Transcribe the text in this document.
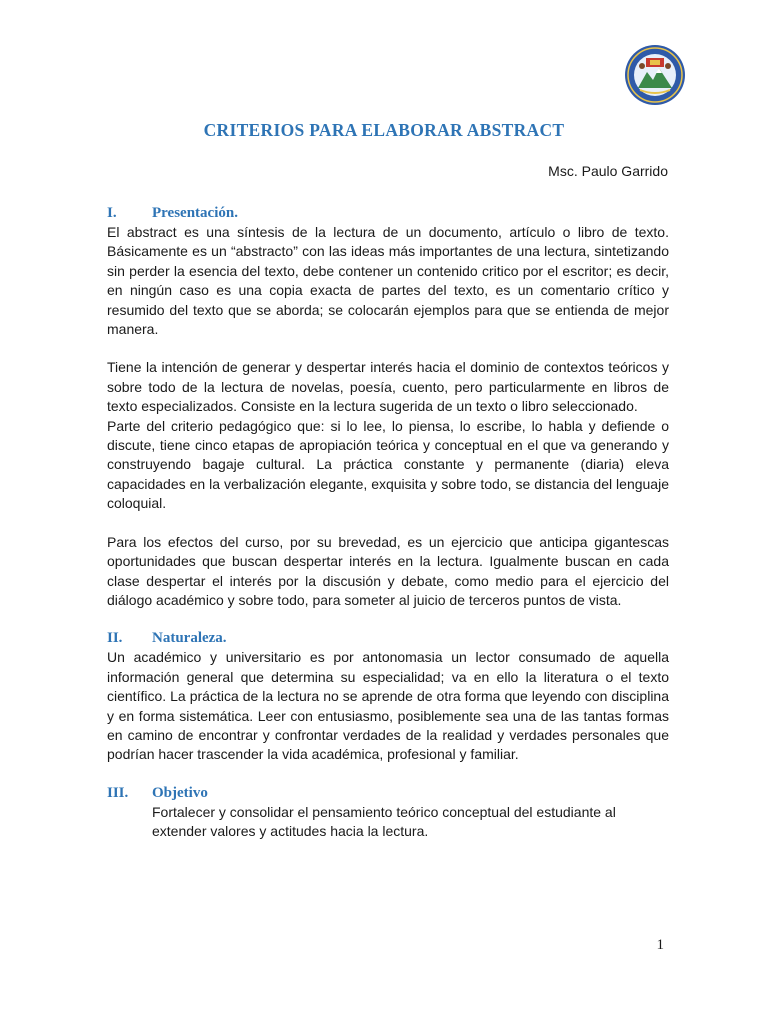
CRITERIOS PARA ELABORAR ABSTRACT
Msc. Paulo Garrido
I.	Presentación.

El abstract es una síntesis de la lectura de un documento, artículo o libro de texto. Básicamente es un “abstracto” con las ideas más importantes de una lectura, sintetizando sin perder la esencia del texto, debe contener un contenido critico por el escritor; es decir, en ningún caso es una copia exacta de partes del texto, es un comentario crítico y resumido del texto que se aborda; se colocarán ejemplos para que se entienda de mejor manera.

Tiene la intención de generar y despertar interés hacia el dominio de contextos teóricos y sobre todo de la lectura de novelas, poesía, cuento, pero particularmente en libros de texto especializados. Consiste en la lectura sugerida de un texto o libro seleccionado.

Parte del criterio pedagógico que: si lo lee, lo piensa, lo escribe, lo habla y defiende o discute, tiene cinco etapas de apropiación teórica y conceptual en el que va generando y construyendo bagaje cultural. La práctica constante y permanente (diaria) eleva capacidades en la verbalización elegante, exquisita y sobre todo, se distancia del lenguaje coloquial.

Para los efectos del curso, por su brevedad, es un ejercicio que anticipa gigantescas oportunidades que buscan despertar interés en la lectura. Igualmente buscan en cada clase despertar el interés por la discusión y debate, como medio para el ejercicio del diálogo académico y sobre todo, para someter al juicio de terceros puntos de vista.

II.	Naturaleza.

Un académico y universitario es por antonomasia un lector consumado de aquella información general que determina su especialidad; va en ello la literatura o el texto científico. La práctica de la lectura no se aprende de otra forma que leyendo con disciplina y en forma sistemática. Leer con entusiasmo, posiblemente sea una de las tantas formas en camino de encontrar y confrontar verdades de la realidad y verdades personales que podrían hacer trascender la vida académica, profesional y familiar.

III.	Objetivo

Fortalecer y consolidar el pensamiento teórico conceptual del estudiante al extender valores y actitudes hacia la lectura.

1
